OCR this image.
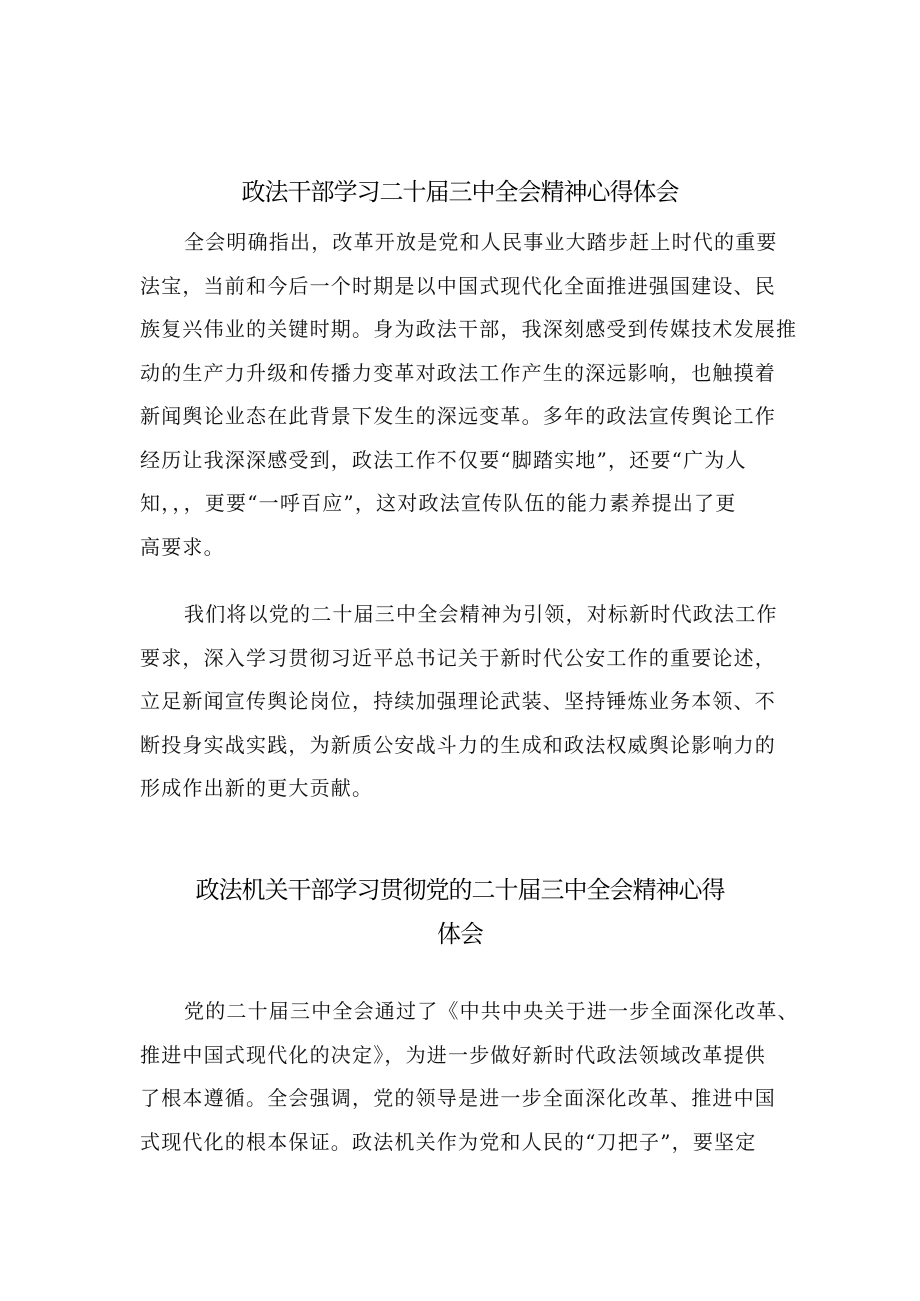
政法干部学习二十届三中全会精神心得体会
全会明确指出，改革开放是党和人民事业大踏步赶上时代的重要
法宝，当前和今后一个时期是以中国式现代化全面推进强国建设、民
族复兴伟业的关键时期。身为政法干部，我深刻感受到传媒技术发展推
动的生产力升级和传播力变革对政法工作产生的深远影响，也触摸着
新闻舆论业态在此背景下发生的深远变革。多年的政法宣传舆论工作
经历让我深深感受到，政法工作不仅要“脚踏实地”，还要“广为人
知，，，更要“一呼百应”，这对政法宣传队伍的能力素养提出了更
高要求。
我们将以党的二十届三中全会精神为引领，对标新时代政法工作
要求，深入学习贯彻习近平总书记关于新时代公安工作的重要论述，
立足新闻宣传舆论岗位，持续加强理论武装、坚持锤炼业务本领、不
断投身实战实践，为新质公安战斗力的生成和政法权威舆论影响力的
形成作出新的更大贡献。
政法机关干部学习贯彻党的二十届三中全会精神心得
体会
党的二十届三中全会通过了《中共中央关于进一步全面深化改革、
推进中国式现代化的决定》，为进一步做好新时代政法领域改革提供
了根本遵循。全会强调，党的领导是进一步全面深化改革、推进中国
式现代化的根本保证。政法机关作为党和人民的“刀把子”，要坚定
